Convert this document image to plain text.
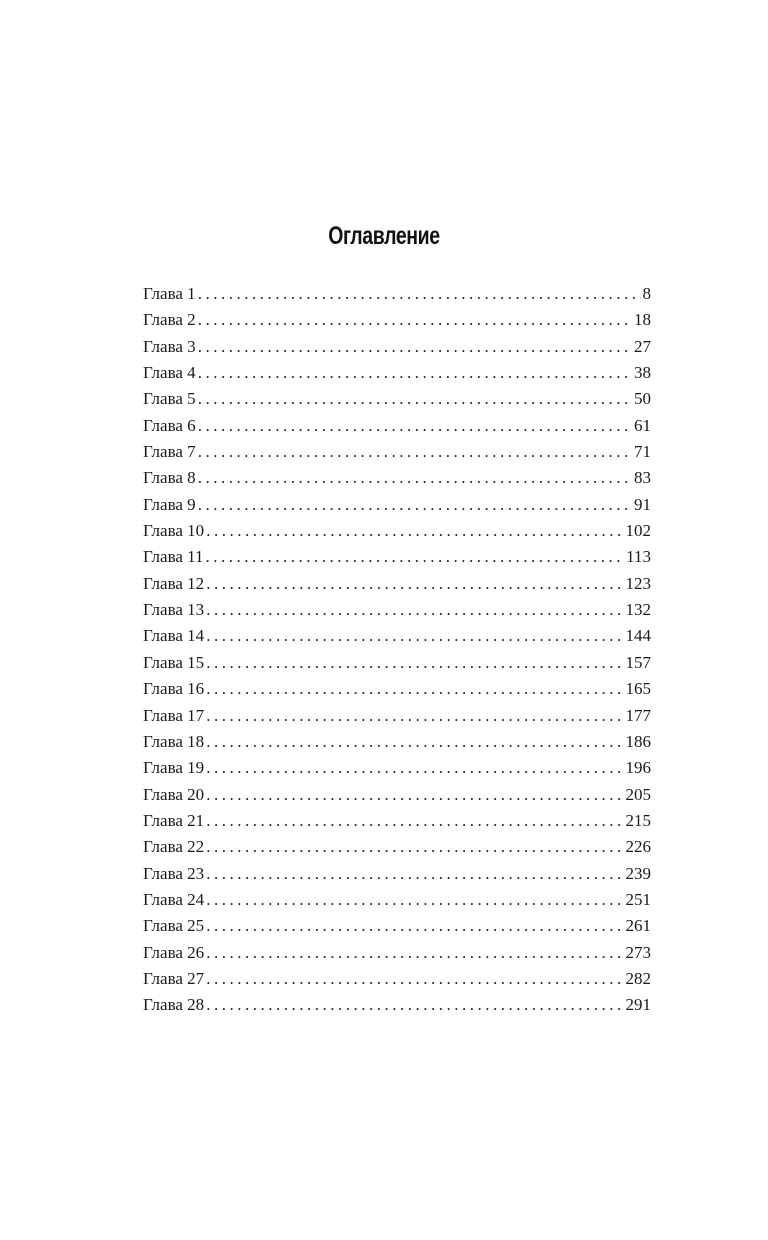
Оглавление
Глава 1 .....	8
Глава 2 .....	18
Глава 3 .....	27
Глава 4 .....	38
Глава 5 .....	50
Глава 6 .....	61
Глава 7 .....	71
Глава 8 .....	83
Глава 9 .....	91
Глава 10 .....	102
Глава 11 .....	113
Глава 12 .....	123
Глава 13 .....	132
Глава 14 .....	144
Глава 15 .....	157
Глава 16 .....	165
Глава 17 .....	177
Глава 18 .....	186
Глава 19 .....	196
Глава 20 .....	205
Глава 21 .....	215
Глава 22 .....	226
Глава 23 .....	239
Глава 24 .....	251
Глава 25 .....	261
Глава 26 .....	273
Глава 27 .....	282
Глава 28 .....	291
